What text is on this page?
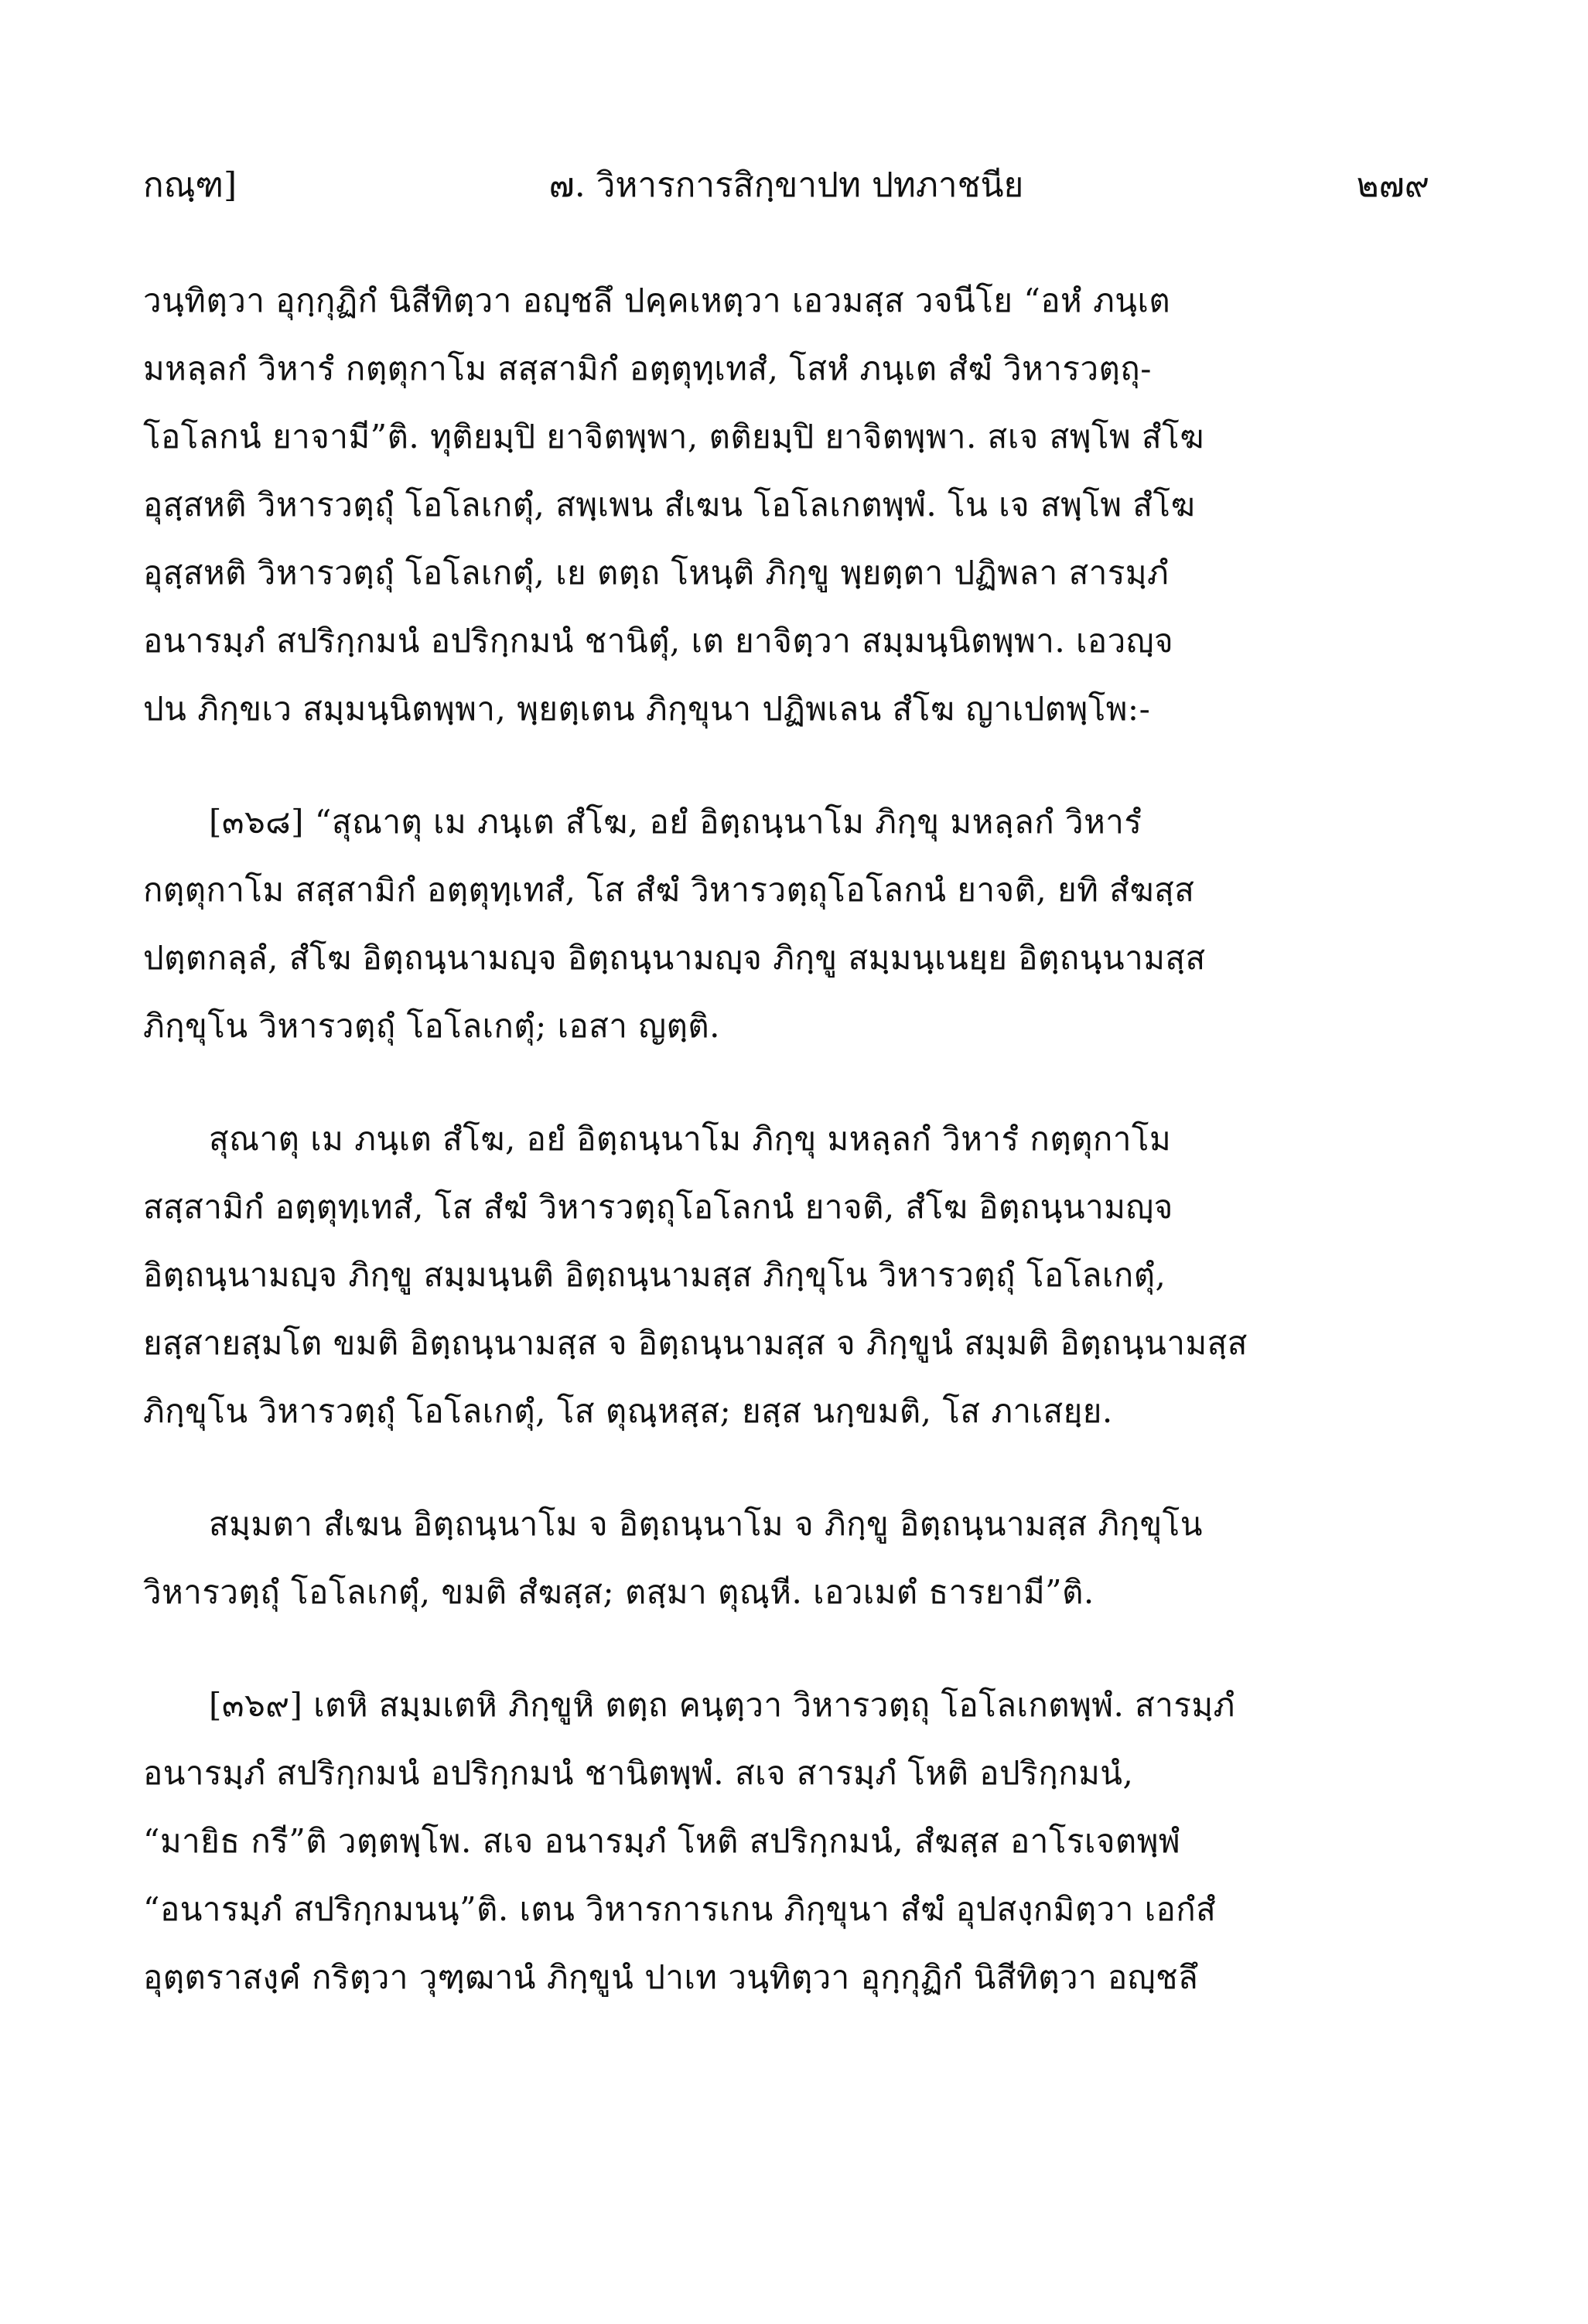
กณฺฑ]	๗. วิหารการสิกฺขาปท ปทภาชนีย	๒๗๙
วนฺทิตฺวา อุกฺกุฏิกํ นิสีทิตฺวา อญฺชลึ ปคฺคเหตฺวา เอวมสฺส วจนีโย “อหํ ภนฺเต
มหลฺลกํ วิหารํ กตฺตุกาโม สสฺสามิกํ อตฺตุทฺเทสํ, โสหํ ภนฺเต สํฆํ วิหารวตฺถุ-
โอโลกนํ ยาจามี”ติ. ทุติยมฺปิ ยาจิตพฺพา, ตติยมฺปิ ยาจิตพฺพา. สเจ สพฺโพ สํโฆ
อุสฺสหติ วิหารวตฺถุํ โอโลเกตุํ, สพฺเพน สํเฆน โอโลเกตพฺพํ. โน เจ สพฺโพ สํโฆ
อุสฺสหติ วิหารวตฺถุํ โอโลเกตุํ, เย ตตฺถ โหนฺติ ภิกฺขู พฺยตฺตา ปฏิพลา สารมฺภํ
อนารมฺภํ สปริกฺกมนํ อปริกฺกมนํ ชานิตุํ, เต ยาจิตฺวา สมฺมนฺนิตพฺพา. เอวญฺจ
ปน ภิกฺขเว สมฺมนฺนิตพฺพา, พฺยตฺเตน ภิกฺขุนา ปฏิพเลน สํโฆ ญาเปตพฺโพ:-
[๓๖๘] “สุณาตุ เม ภนฺเต สํโฆ, อยํ อิตฺถนฺนาโม ภิกฺขุ มหลฺลกํ วิหารํ
กตฺตุกาโม สสฺสามิกํ อตฺตุทฺเทสํ, โส สํฆํ วิหารวตฺถุโอโลกนํ ยาจติ, ยทิ สํฆสฺส
ปตฺตกลฺลํ, สํโฆ อิตฺถนฺนามญฺจ อิตฺถนฺนามญฺจ ภิกฺขู สมฺมนฺเนยฺย อิตฺถนฺนามสฺส
ภิกฺขุโน วิหารวตฺถุํ โอโลเกตุํ; เอสา ญตฺติ.
สุณาตุ เม ภนฺเต สํโฆ, อยํ อิตฺถนฺนาโม ภิกฺขุ มหลฺลกํ วิหารํ กตฺตุกาโม
สสฺสามิกํ อตฺตุทฺเทสํ, โส สํฆํ วิหารวตฺถุโอโลกนํ ยาจติ, สํโฆ อิตฺถนฺนามญฺจ
อิตฺถนฺนามญฺจ ภิกฺขู สมฺมนฺนติ อิตฺถนฺนามสฺส ภิกฺขุโน วิหารวตฺถุํ โอโลเกตุํ,
ยสฺสายสฺมโต ขมติ อิตฺถนฺนามสฺส จ อิตฺถนฺนามสฺส จ ภิกฺขูนํ สมฺมติ อิตฺถนฺนามสฺส
ภิกฺขุโน วิหารวตฺถุํ โอโลเกตุํ, โส ตุณฺหสฺส; ยสฺส นกฺขมติ, โส ภาเสยฺย.
สมฺมตา สํเฆน อิตฺถนฺนาโม จ อิตฺถนฺนาโม จ ภิกฺขู อิตฺถนฺนามสฺส ภิกฺขุโน
วิหารวตฺถุํ โอโลเกตุํ, ขมติ สํฆสฺส; ตสฺมา ตุณฺหี. เอวเมตํ ธารยามี”ติ.
[๓๖๙] เตหิ สมฺมเตหิ ภิกฺขูหิ ตตฺถ คนฺตฺวา วิหารวตฺถุ โอโลเกตพฺพํ. สารมฺภํ
อนารมฺภํ สปริกฺกมนํ อปริกฺกมนํ ชานิตพฺพํ. สเจ สารมฺภํ โหติ อปริกฺกมนํ,
“มายิธ กรี”ติ วตฺตพฺโพ. สเจ อนารมฺภํ โหติ สปริกฺกมนํ, สํฆสฺส อาโรเจตพฺพํ
“อนารมฺภํ สปริกฺกมนนฺ”ติ. เตน วิหารการเกน ภิกฺขุนา สํฆํ อุปสงฺกมิตฺวา เอกํสํ
อุตฺตราสงฺคํ กริตฺวา วุฑฺฒานํ ภิกฺขูนํ ปาเท วนฺทิตฺวา อุกฺกุฏิกํ นิสีทิตฺวา อญฺชลึ
